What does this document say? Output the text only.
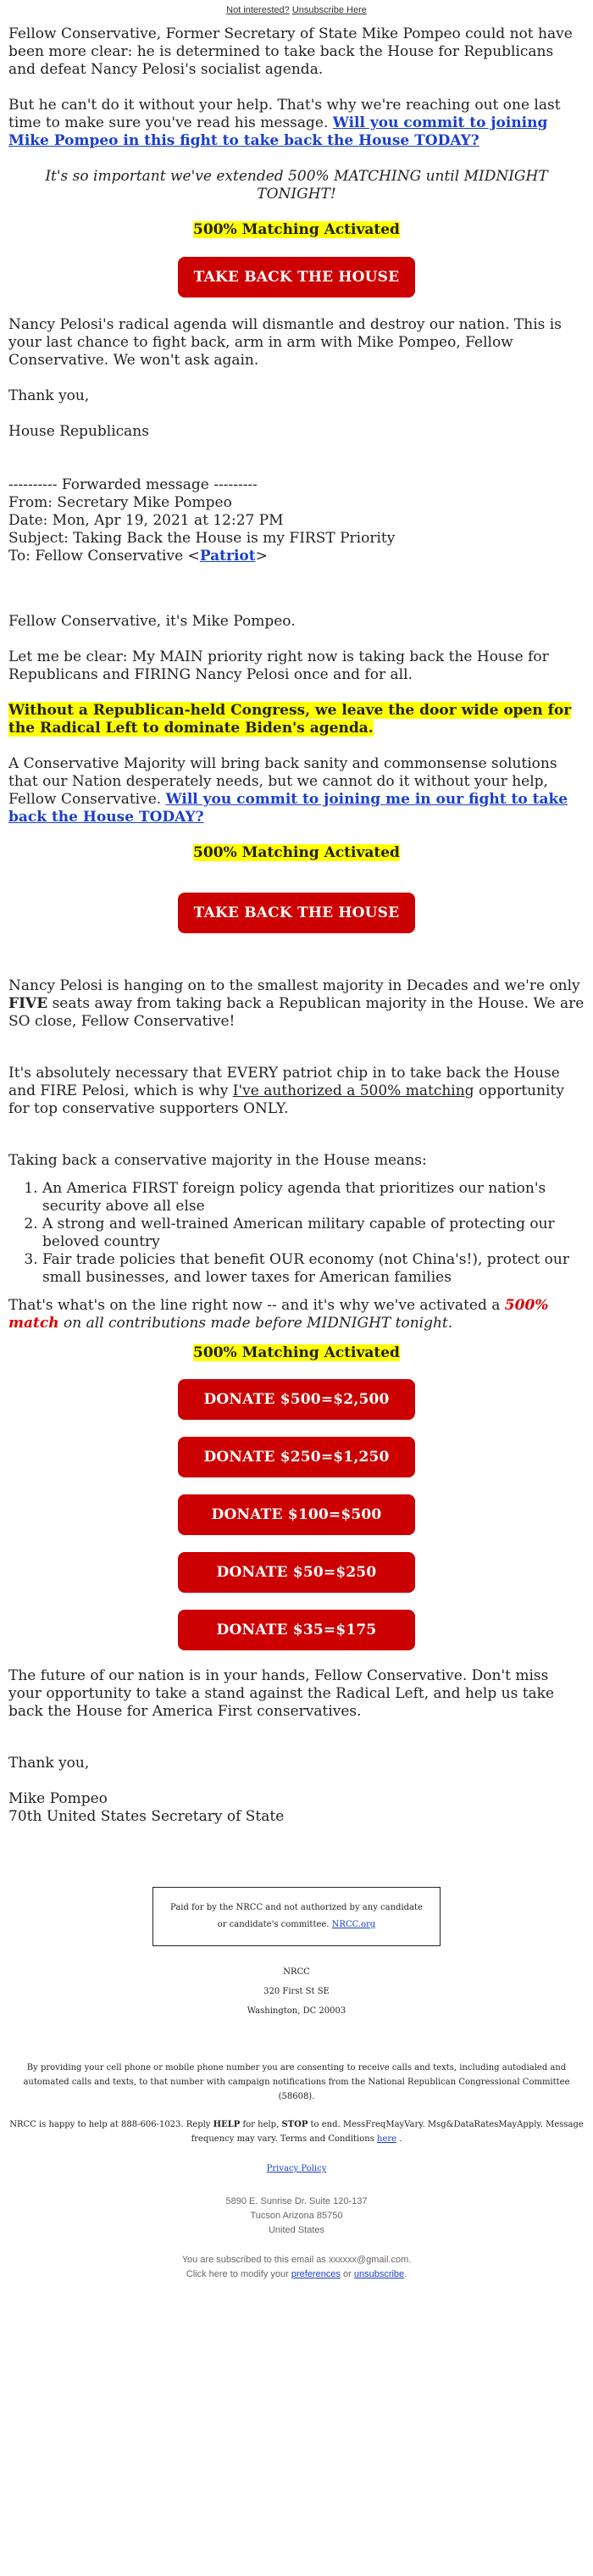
Not interested? Unsubscribe Here

Fellow Conservative, Former Secretary of State Mike Pompeo could not have been more clear: he is determined to take back the House for Republicans and defeat Nancy Pelosi's socialist agenda.

But he can't do it without your help. That's why we're reaching out one last time to make sure you've read his message. Will you commit to joining Mike Pompeo in this fight to take back the House TODAY?

It's so important we've extended 500% MATCHING until MIDNIGHT TONIGHT!

500% Matching Activated

TAKE BACK THE HOUSE

Nancy Pelosi's radical agenda will dismantle and destroy our nation. This is your last chance to fight back, arm in arm with Mike Pompeo, Fellow Conservative. We won't ask again.

Thank you,

House Republicans

---------- Forwarded message ---------

From: Secretary Mike Pompeo

Date: Mon, Apr 19, 2021 at 12:27 PM

Subject: Taking Back the House is my FIRST Priority

To: Fellow Conservative <Patriot>

Fellow Conservative, it's Mike Pompeo.

Let me be clear: My MAIN priority right now is taking back the House for Republicans and FIRING Nancy Pelosi once and for all.

Without a Republican-held Congress, we leave the door wide open for the Radical Left to dominate Biden's agenda.

A Conservative Majority will bring back sanity and commonsense solutions that our Nation desperately needs, but we cannot do it without your help, Fellow Conservative. Will you commit to joining me in our fight to take back the House TODAY?

500% Matching Activated

TAKE BACK THE HOUSE

Nancy Pelosi is hanging on to the smallest majority in Decades and we're only FIVE seats away from taking back a Republican majority in the House. We are SO close, Fellow Conservative!

It's absolutely necessary that EVERY patriot chip in to take back the House and FIRE Pelosi, which is why I've authorized a 500% matching opportunity for top conservative supporters ONLY.

Taking back a conservative majority in the House means:

1. An America FIRST foreign policy agenda that prioritizes our nation's security above all else
2. A strong and well-trained American military capable of protecting our beloved country
3. Fair trade policies that benefit OUR economy (not China's!), protect our small businesses, and lower taxes for American families

That's what's on the line right now -- and it's why we've activated a 500% match on all contributions made before MIDNIGHT tonight.

500% Matching Activated

DONATE $500=$2,500
DONATE $250=$1,250
DONATE $100=$500
DONATE $50=$250
DONATE $35=$175

The future of our nation is in your hands, Fellow Conservative. Don't miss your opportunity to take a stand against the Radical Left, and help us take back the House for America First conservatives.

Thank you,

Mike Pompeo

70th United States Secretary of State

Paid for by the NRCC and not authorized by any candidate or candidate's committee. NRCC.org
NRCC
320 First St SE
Washington, DC 20003
By providing your cell phone or mobile phone number you are consenting to receive calls and texts, including autodialed and automated calls and texts, to that number with campaign notifications from the National Republican Congressional Committee (58608).
NRCC is happy to help at 888-606-1023. Reply HELP for help, STOP to end. MessFreqMayVary. Msg&DataRatesMayApply. Message frequency may vary. Terms and Conditions here .
Privacy Policy
5890 E. Sunrise Dr. Suite 120-137
Tucson Arizona 85750
United States
You are subscribed to this email as xxxxxx@gmail.com.
Click here to modify your preferences or unsubscribe.
